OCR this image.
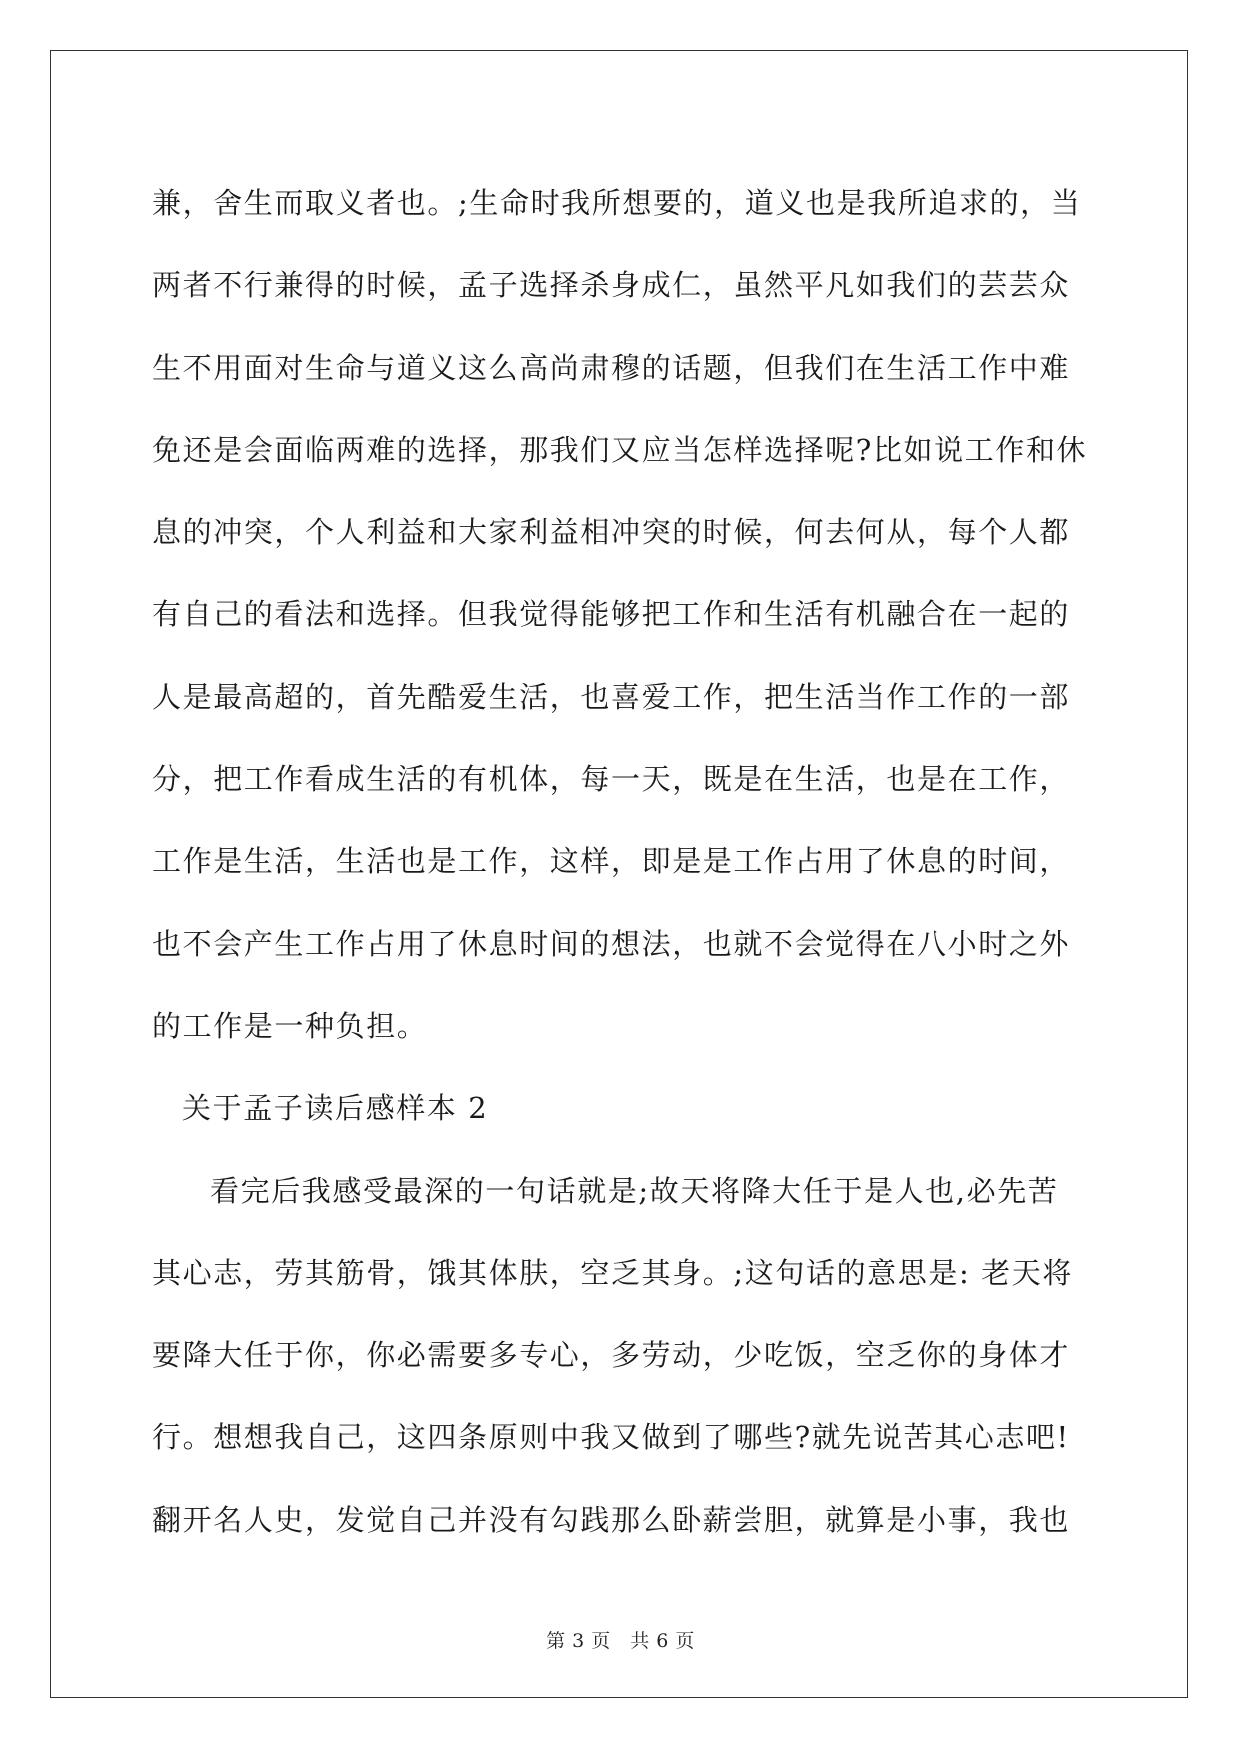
兼，舍生而取义者也。;生命时我所想要的，道义也是我所追求的，当
两者不行兼得的时候，孟子选择杀身成仁，虽然平凡如我们的芸芸众
生不用面对生命与道义这么高尚肃穆的话题，但我们在生活工作中难
免还是会面临两难的选择，那我们又应当怎样选择呢?比如说工作和休
息的冲突，个人利益和大家利益相冲突的时候，何去何从，每个人都
有自己的看法和选择。但我觉得能够把工作和生活有机融合在一起的
人是最高超的，首先酷爱生活，也喜爱工作，把生活当作工作的一部
分，把工作看成生活的有机体，每一天，既是在生活，也是在工作，
工作是生活，生活也是工作，这样，即是是工作占用了休息的时间，
也不会产生工作占用了休息时间的想法，也就不会觉得在八小时之外
的工作是一种负担。
关于孟子读后感样本 2
看完后我感受最深的一句话就是;故天将降大任于是人也,必先苦
其心志，劳其筋骨，饿其体肤，空乏其身。;这句话的意思是: 老天将
要降大任于你，你必需要多专心，多劳动，少吃饭，空乏你的身体才
行。想想我自己，这四条原则中我又做到了哪些?就先说苦其心志吧!
翻开名人史，发觉自己并没有勾践那么卧薪尝胆，就算是小事，我也
第 3 页　共 6 页
